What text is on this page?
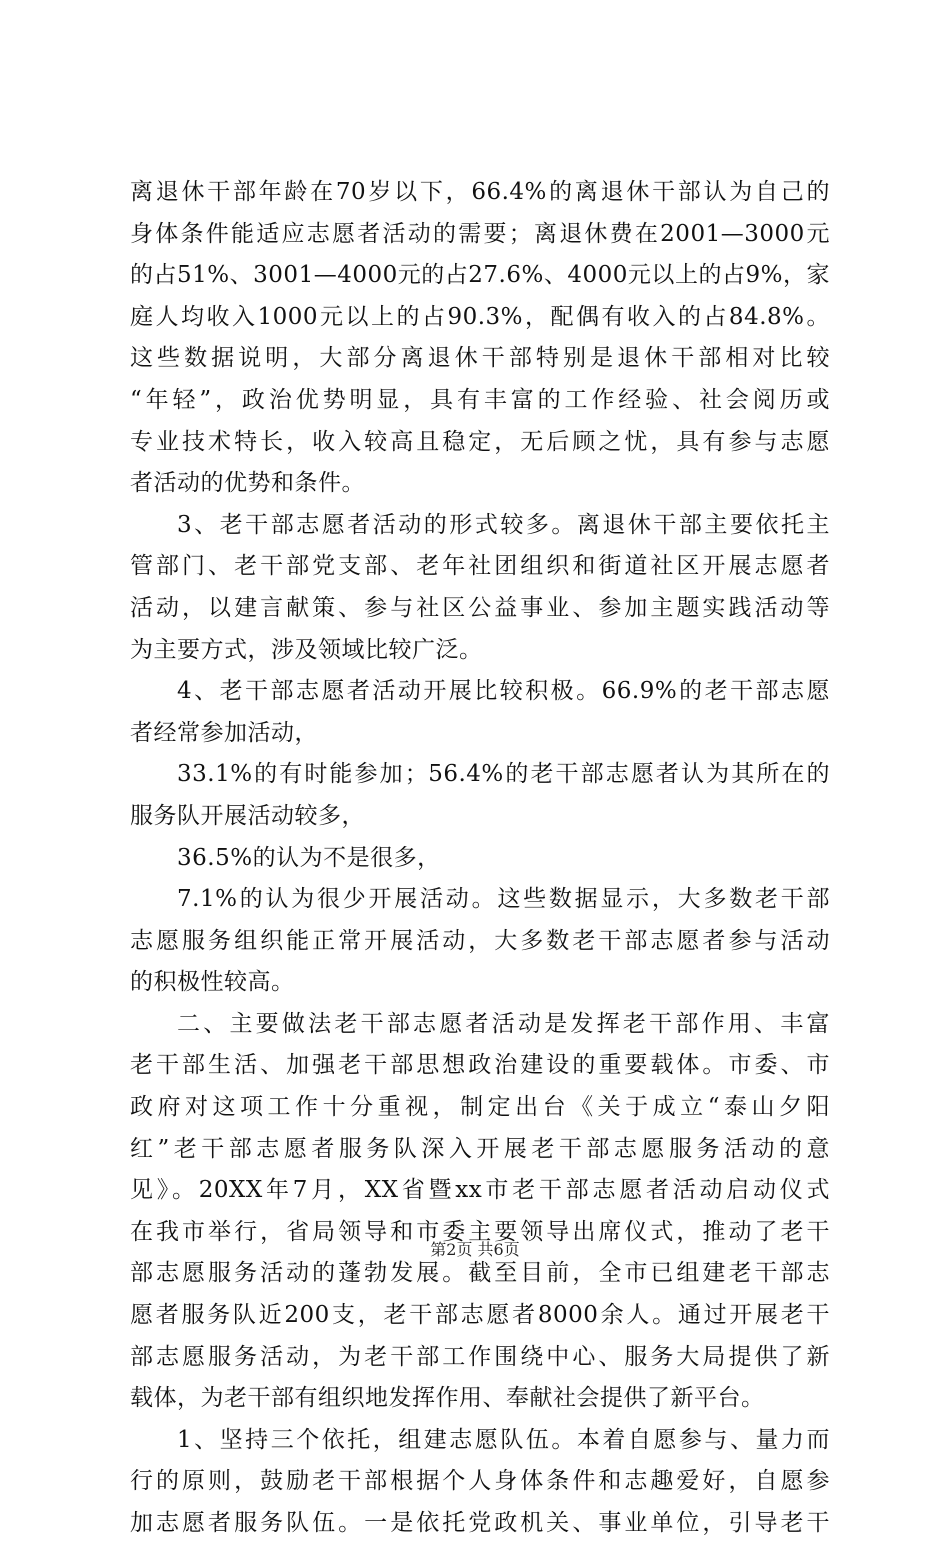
离退休干部年龄在70岁以下，66.4%的离退休干部认为自己的
身体条件能适应志愿者活动的需要；离退休费在2001—3000元
的占51%、3001—4000元的占27.6%、4000元以上的占9%，家
庭人均收入1000元以上的占90.3%，配偶有收入的占84.8%。
这些数据说明，大部分离退休干部特别是退休干部相对比较
“年轻”，政治优势明显，具有丰富的工作经验、社会阅历或
专业技术特长，收入较高且稳定，无后顾之忧，具有参与志愿
者活动的优势和条件。
3、老干部志愿者活动的形式较多。离退休干部主要依托主
管部门、老干部党支部、老年社团组织和街道社区开展志愿者
活动，以建言献策、参与社区公益事业、参加主题实践活动等
为主要方式，涉及领域比较广泛。
4、老干部志愿者活动开展比较积极。66.9%的老干部志愿
者经常参加活动，
33.1%的有时能参加；56.4%的老干部志愿者认为其所在的
服务队开展活动较多，
36.5%的认为不是很多，
7.1%的认为很少开展活动。这些数据显示，大多数老干部
志愿服务组织能正常开展活动，大多数老干部志愿者参与活动
的积极性较高。
二、主要做法老干部志愿者活动是发挥老干部作用、丰富
老干部生活、加强老干部思想政治建设的重要载体。市委、市
政府对这项工作十分重视，制定出台《关于成立“泰山夕阳
红”老干部志愿者服务队深入开展老干部志愿服务活动的意
见》。20XX年7月，XX省暨xx市老干部志愿者活动启动仪式
在我市举行，省局领导和市委主要领导出席仪式，推动了老干
部志愿服务活动的蓬勃发展。截至目前，全市已组建老干部志
愿者服务队近200支，老干部志愿者8000余人。通过开展老干
部志愿服务活动，为老干部工作围绕中心、服务大局提供了新
载体，为老干部有组织地发挥作用、奉献社会提供了新平台。
1、坚持三个依托，组建志愿队伍。本着自愿参与、量力而
行的原则，鼓励老干部根据个人身体条件和志趣爱好，自愿参
加志愿者服务队伍。一是依托党政机关、事业单位，引导老干
第2页 共6页
